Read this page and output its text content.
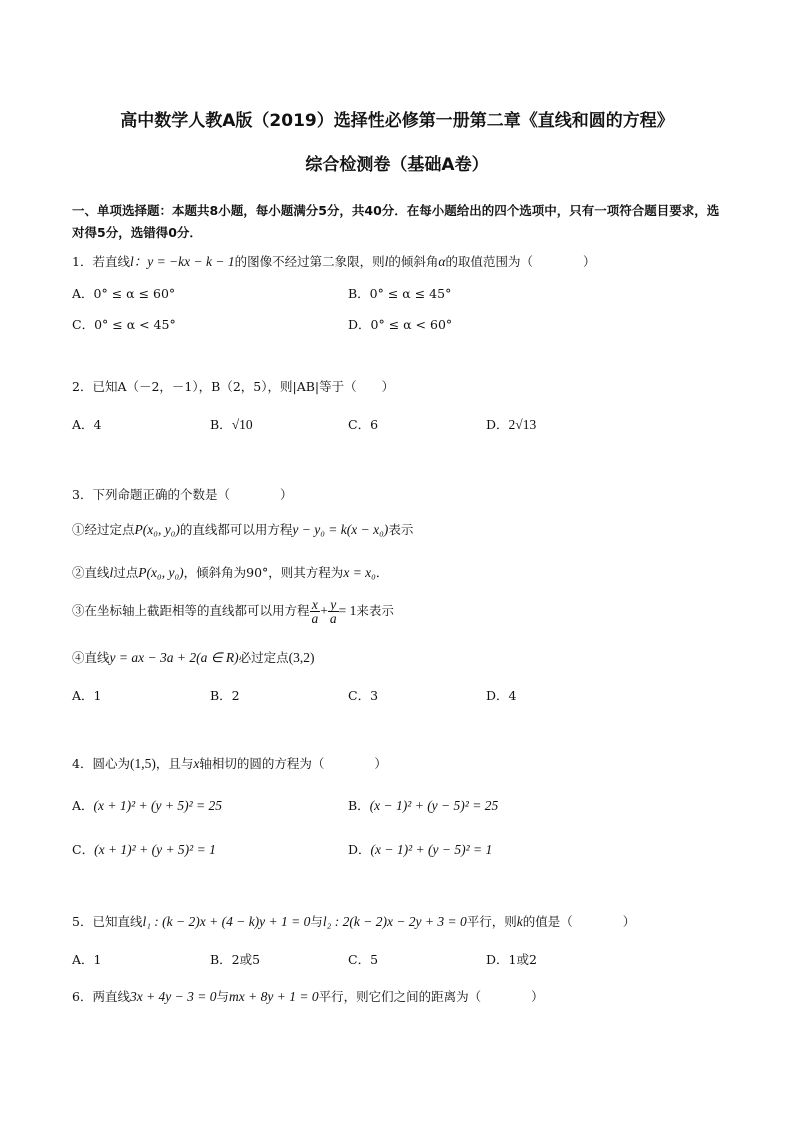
高中数学人教A版（2019）选择性必修第一册第二章《直线和圆的方程》
综合检测卷（基础A卷）
一、单项选择题：本题共8小题，每小题满分5分，共40分．在每小题给出的四个选项中，只有一项符合题目要求，选对得5分，选错得0分．
1．若直线l：y = −kx − k − 1的图像不经过第二象限，则l的倾斜角α的取值范围为（　　　　）
A．0° ≤ α ≤ 60°	B．0° ≤ α ≤ 45°
C．0° ≤ α < 45°	D．0° ≤ α < 60°
2．已知A（－2，－1），B（2，5），则|AB|等于（　　）
A．4	B．√10	C．6	D．2√13
3．下列命题正确的个数是（　　　　）
①经过定点P(x₀, y₀)的直线都可以用方程y − y₀ = k(x − x₀)表示
②直线l过点P(x₀, y₀)，倾斜角为90°，则其方程为x = x₀．
③在坐标轴上截距相等的直线都可以用方程 $\frac{x}{a} + \frac{y}{a} = 1$来表示
④直线y = ax − 3a + 2(a ∈ R)必过定点(3,2)
A．1	B．2	C．3	D．4
4．圆心为(1,5)，且与x轴相切的圆的方程为（　　　　）
A．(x + 1)² + (y + 5)² = 25	B．(x − 1)² + (y − 5)² = 25
C．(x + 1)² + (y + 5)² = 1	D．(x − 1)² + (y − 5)² = 1
5．已知直线l₁ : (k − 2)x + (4 − k)y + 1 = 0与l₂ : 2(k − 2)x − 2y + 3 = 0平行，则k的值是（　　　　）
A．1	B．2或5	C．5	D．1或2
6．两直线3x + 4y − 3 = 0与mx + 8y + 1 = 0平行，则它们之间的距离为（　　　　）
